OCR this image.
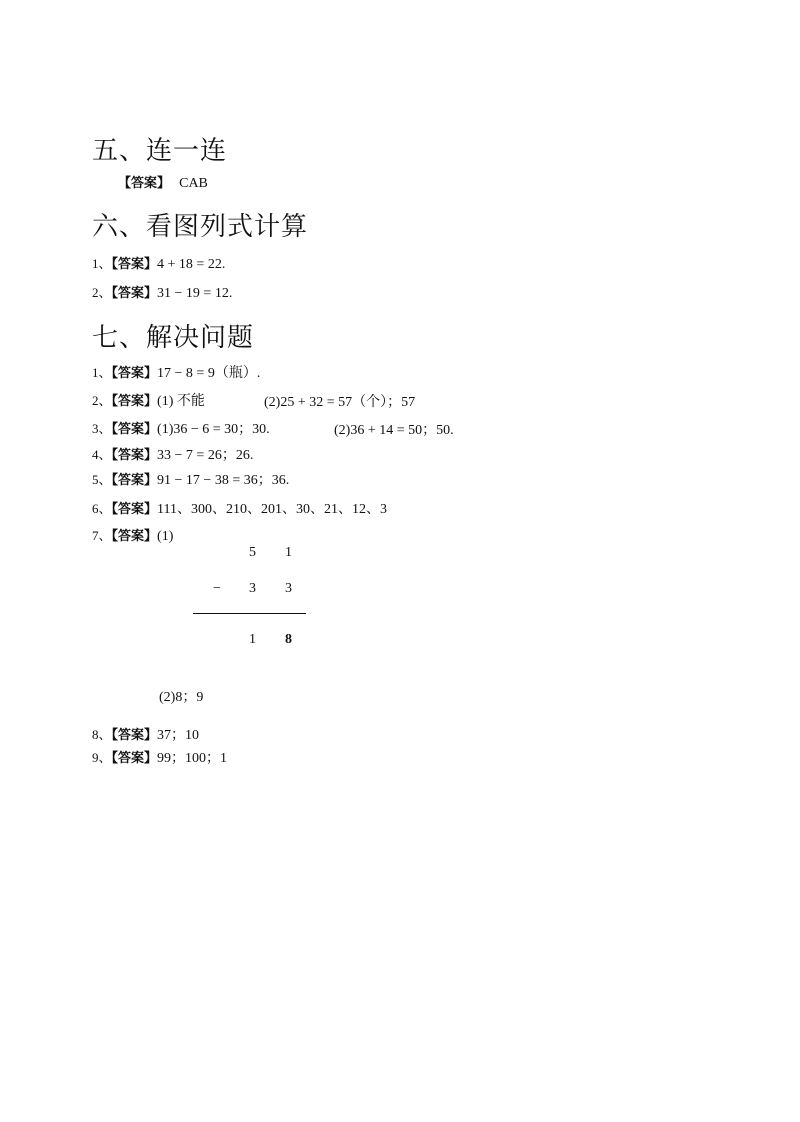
五、连一连
【答案】 CAB
六、看图列式计算
1、【答案】4 + 18 = 22.
2、【答案】31 − 19 = 12.
七、解决问题
1、【答案】17 − 8 = 9（瓶）.
2、【答案】(1) 不能	(2)25 + 32 = 57（个）；57
3、【答案】(1)36 − 6 = 30；30.	(2)36 + 14 = 50；50.
4、【答案】33 − 7 = 26；26.
5、【答案】91 − 17 − 38 = 36；36.
6、【答案】111、300、210、201、30、21、12、3
7、【答案】(1)
5 1
− 3 3
1 8
(2)8；9
8、【答案】37；10
9、【答案】99；100；1
